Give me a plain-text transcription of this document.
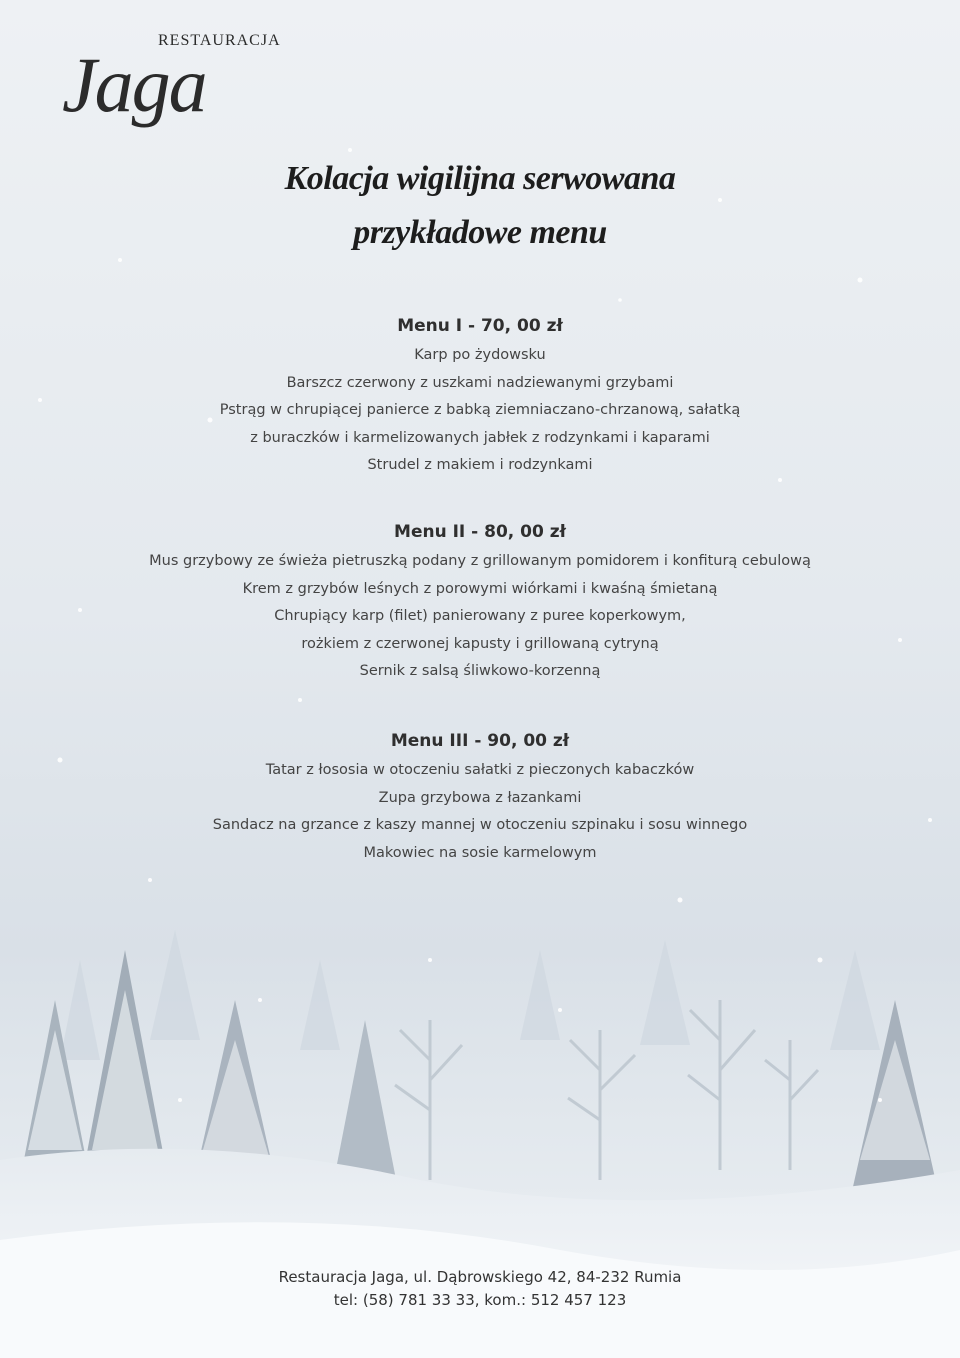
RESTAURACJA
Jaga
Kolacja wigilijna serwowana
przykładowe menu
Menu I - 70, 00 zł
Karp po żydowsku
Barszcz czerwony z uszkami nadziewanymi grzybami
Pstrąg w chrupiącej panierce z babką ziemniaczano-chrzanową, sałatką
z buraczków i karmelizowanych jabłek z rodzynkami i kaparami
Strudel z makiem i rodzynkami
Menu II - 80, 00 zł
Mus grzybowy ze świeża pietruszką podany z grillowanym pomidorem i konfiturą cebulową
Krem z grzybów leśnych z porowymi wiórkami i kwaśną śmietaną
Chrupiący karp (filet) panierowany z puree koperkowym,
rożkiem z czerwonej kapusty i grillowaną cytryną
Sernik z salsą śliwkowo-korzenną
Menu III - 90, 00 zł
Tatar z łososia w otoczeniu sałatki z pieczonych kabaczków
Zupa grzybowa z łazankami
Sandacz na grzance z kaszy mannej w otoczeniu szpinaku i sosu winnego
Makowiec na sosie karmelowym
Restauracja Jaga, ul. Dąbrowskiego 42, 84-232 Rumia
tel: (58) 781 33 33, kom.: 512 457 123
